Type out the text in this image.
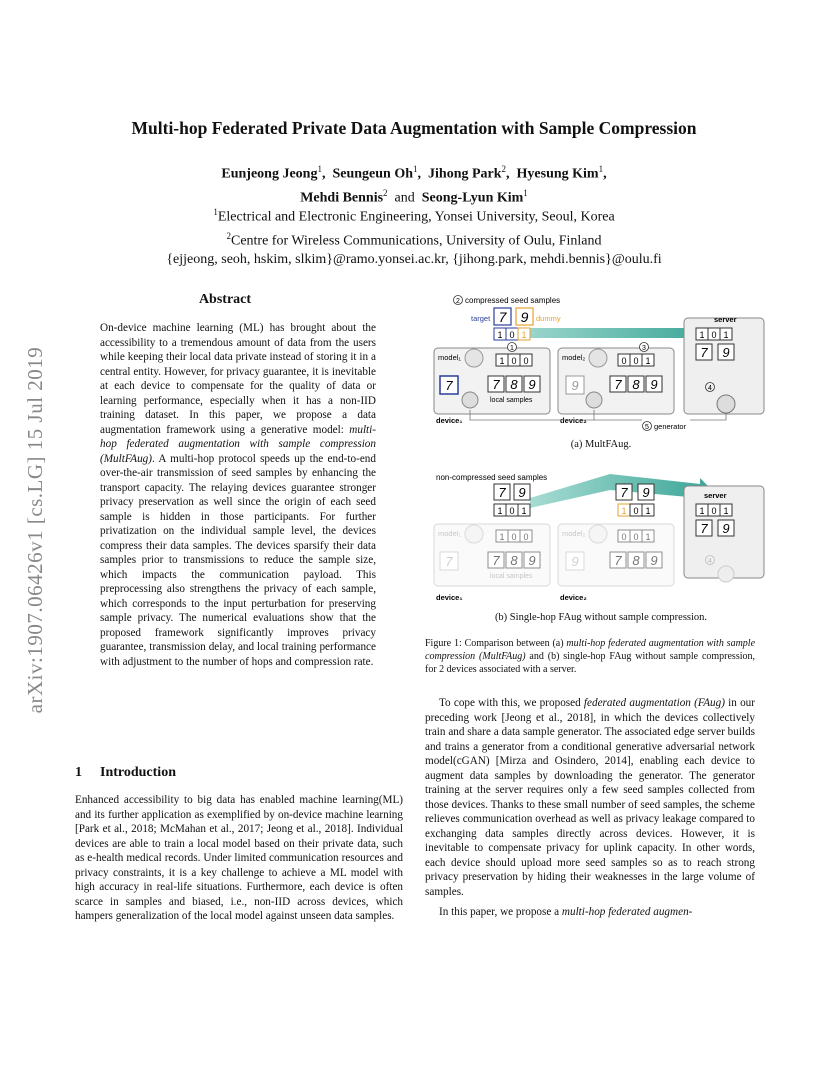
Multi-hop Federated Private Data Augmentation with Sample Compression
Eunjeong Jeong$^1$, Seungeun Oh$^1$, Jihong Park$^2$, Hyesung Kim$^1$,
Mehdi Bennis$^2$ and Seong-Lyun Kim$^1$
$^1$Electrical and Electronic Engineering, Yonsei University, Seoul, Korea
$^2$Centre for Wireless Communications, University of Oulu, Finland
{ejjeong, seoh, hskim, slkim}@ramo.yonsei.ac.kr, {jihong.park, mehdi.bennis}@oulu.fi
arXiv:1907.06426v1 [cs.LG] 15 Jul 2019
Abstract
On-device machine learning (ML) has brought about the accessibility to a tremendous amount of data from the users while keeping their local data private instead of storing it in a central entity. However, for privacy guarantee, it is inevitable at each device to compensate for the quality of data or learning performance, especially when it has a non-IID training dataset. In this paper, we propose a data augmentation framework using a generative model: multi-hop federated augmentation with sample compression (MultFAug). A multi-hop protocol speeds up the end-to-end over-the-air transmission of seed samples by enhancing the transport capacity. The relaying devices guarantee stronger privacy preservation as well since the origin of each seed sample is hidden in those participants. For further privatization on the individual sample level, the devices compress their data samples. The devices sparsify their data samples prior to transmissions to reduce the sample size, which impacts the communication payload. This preprocessing also strengthens the privacy of each sample, which corresponds to the input perturbation for preserving sample privacy. The numerical evaluations show that the proposed framework significantly improves privacy guarantee, transmission delay, and local training performance with adjustment to the number of hops and compression rate.
1 Introduction
Enhanced accessibility to big data has enabled machine learning(ML) and its further application as exemplified by on-device machine learning [Park et al., 2018; McMahan et al., 2017; Jeong et al., 2018]. Individual devices are able to train a local model based on their private data, such as e-health medical records. Under limited communication resources and privacy constraints, it is a key challenge to achieve a ML model with high accuracy in real-life situations. Furthermore, each device is often scarce in samples and biased, i.e., non-IID across devices, which hampers generalization of the local model against unseen data samples.
2 compressed seed samples
target 7 9 dummy
1 0 1
server
1 0 1
7 9
4
model₁	1 0 0
1
7	7 8 9
local samples
device₁
model₂	0 0 1
3
9	7 8 9
device₂
5 generator
(a) MultFAug.
non-compressed seed samples
7 9
1 0 1
7 9
1 0 1
server
1 0 1
7 9
4
model₁	1 0 0
7	7 8 9
local samples
model₂	0 0 1
9	7 8 9
device₁	device₂
(b) Single-hop FAug without sample compression.
Figure 1: Comparison between (a) multi-hop federated augmentation with sample compression (MultFAug) and (b) single-hop FAug without sample compression, for 2 devices associated with a server.

To cope with this, we proposed federated augmentation (FAug) in our preceding work [Jeong et al., 2018], in which the devices collectively train and share a data sample generator. The associated edge server builds and trains a generator from a conditional generative adversarial network model(cGAN) [Mirza and Osindero, 2014], enabling each device to augment data samples by downloading the generator. The generator training at the server requires only a few seed samples collected from those devices. Thanks to these small number of seed samples, the scheme relieves communication overhead as well as privacy leakage compared to exchanging data samples directly across devices. However, it is inevitable to compensate privacy for uplink capacity. In other words, each device should upload more seed samples so as to reach strong privacy preservation by hiding their weaknesses in the large volume of samples.

In this paper, we propose a multi-hop federated augmen-
